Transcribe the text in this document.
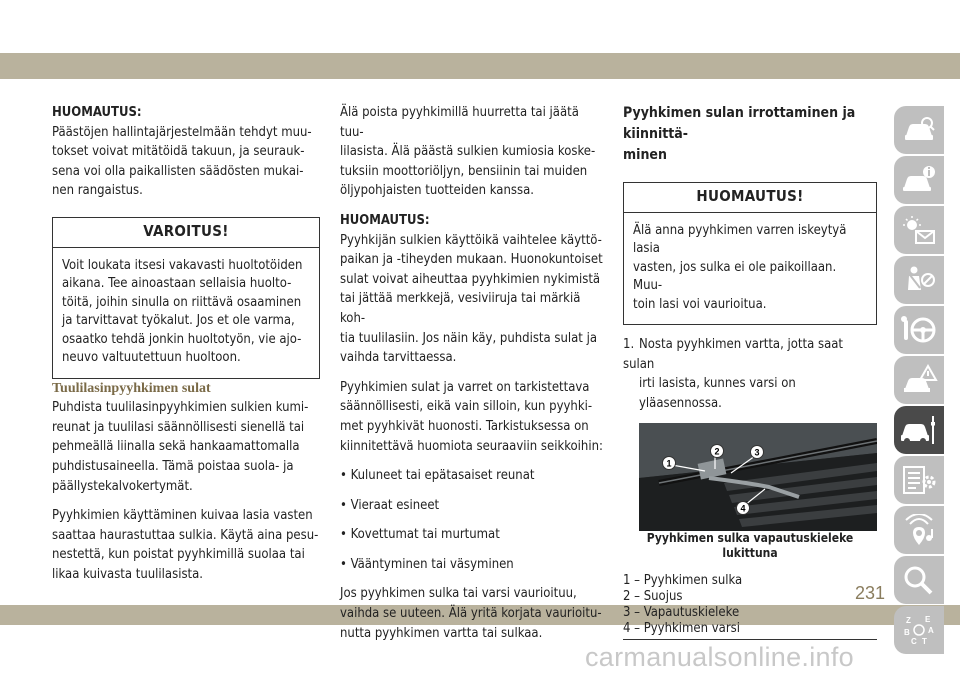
231
carmanualsonline.info

HUOMAUTUS:

Päästöjen hallintajärjestelmään tehdyt muu-

tokset voivat mitätöidä takuun, ja seurauk-

sena voi olla paikallisten säädösten mukai-

nen rangaistus.

VAROITUS!

Voit loukata itsesi vakavasti huoltotöiden

aikana. Tee ainoastaan sellaisia huolto-

töitä, joihin sinulla on riittävä osaaminen

ja tarvittavat työkalut. Jos et ole varma,

osaatko tehdä jonkin huoltotyön, vie ajo-

neuvo valtuutettuun huoltoon.

Tuulilasinpyyhkimen sulat

Puhdista tuulilasinpyyhkimien sulkien kumi-

reunat ja tuulilasi säännöllisesti sienellä tai

pehmeällä liinalla sekä hankaamattomalla

puhdistusaineella. Tämä poistaa suola- ja

päällystekalvokertymät.

Pyyhkimien käyttäminen kuivaa lasia vasten

saattaa haurastuttaa sulkia. Käytä aina pesu-

nestettä, kun poistat pyyhkimillä suolaa tai

likaa kuivasta tuulilasista.

Älä poista pyyhkimillä huurretta tai jäätä tuu-

lilasista. Älä päästä sulkien kumiosia koske-

tuksiin moottoriöljyn, bensiinin tai muiden

öljypohjaisten tuotteiden kanssa.

HUOMAUTUS:

Pyyhkijän sulkien käyttöikä vaihtelee käyttö-

paikan ja -tiheyden mukaan. Huonokuntoiset

sulat voivat aiheuttaa pyyhkimien nykimistä

tai jättää merkkejä, vesiviiruja tai märkiä koh-

tia tuulilasiin. Jos näin käy, puhdista sulat ja

vaihda tarvittaessa.

Pyyhkimien sulat ja varret on tarkistettava

säännöllisesti, eikä vain silloin, kun pyyhki-

met pyyhkivät huonosti. Tarkistuksessa on

kiinnitettävä huomiota seuraaviin seikkoihin:

• Kuluneet tai epätasaiset reunat

• Vieraat esineet

• Kovettumat tai murtumat

• Vääntyminen tai väsyminen

Jos pyyhkimen sulka tai varsi vaurioituu,

vaihda se uuteen. Älä yritä korjata vaurioitu-

nutta pyyhkimen vartta tai sulkaa.

Pyyhkimen sulan irrottaminen ja kiinnittä-

minen

HUOMAUTUS!

Älä anna pyyhkimen varren iskeytyä lasia

vasten, jos sulka ei ole paikoillaan. Muu-

toin lasi voi vaurioitua.

1. Nosta pyyhkimen vartta, jotta saat sulan

irti lasista, kunnes varsi on yläasennossa.

1
2	3
4

Pyyhkimen sulka vapautuskieleke

lukittuna

1 – Pyyhkimen sulka

2 – Suojus

3 – Vapautuskieleke

4 – Pyyhkimen varsi

Z E
B A
C T
